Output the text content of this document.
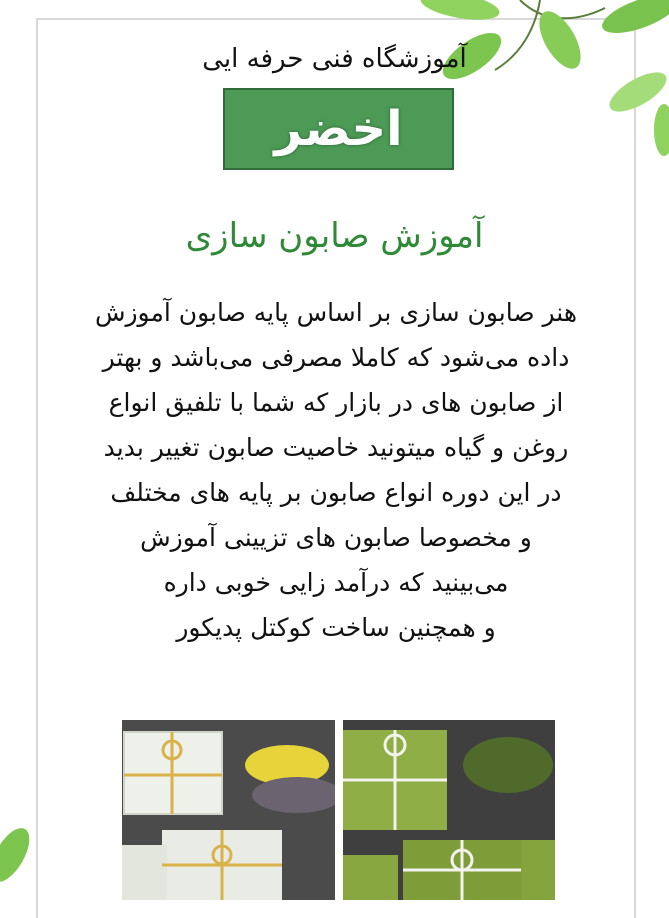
آموزشگاه فنی حرفه ایی
اخضر
آموزش صابون سازی
هنر صابون سازی بر اساس پایه صابون آموزش
داده می‌شود که کاملا مصرفی می‌باشد و بهتر
از صابون های در بازار که شما با تلفیق انواع
روغن و گیاه میتونید خاصیت صابون تغییر بدید
در این دوره انواع صابون بر پایه های مختلف
و مخصوصا صابون های تزیینی آموزش
می‌بینید که درآمد زایی خوبی داره
و همچنین ساخت کوکتل پدیکور
